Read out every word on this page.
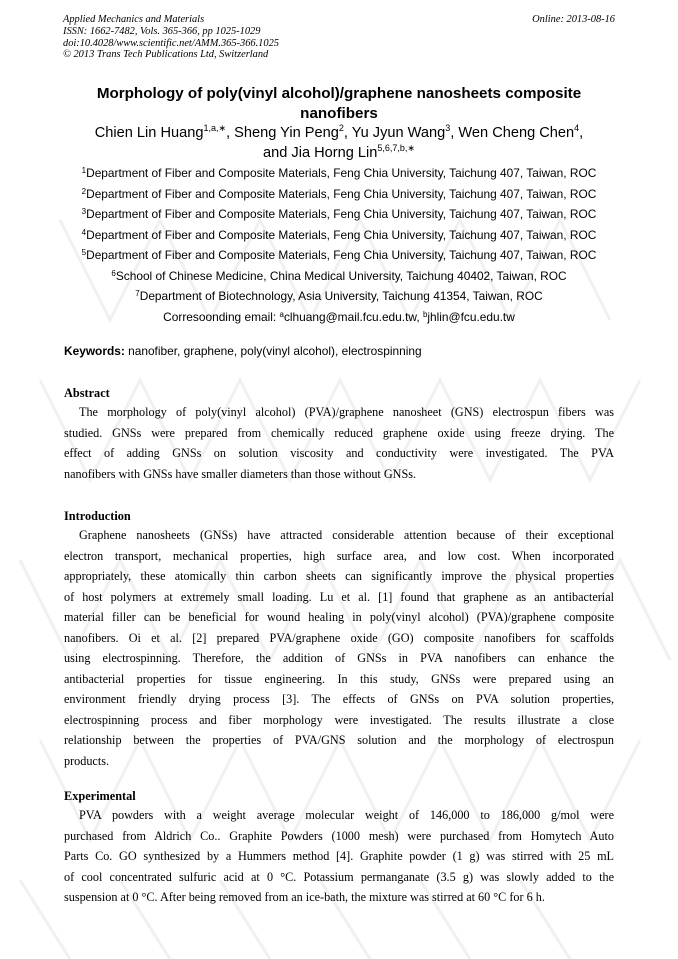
Applied Mechanics and Materials
ISSN: 1662-7482, Vols. 365-366, pp 1025-1029
doi:10.4028/www.scientific.net/AMM.365-366.1025
© 2013 Trans Tech Publications Ltd, Switzerland
Online: 2013-08-16
Morphology of poly(vinyl alcohol)/graphene nanosheets composite
nanofibers
Chien Lin Huang$^{1,a,∗}$, Sheng Yin Peng$^2$, Yu Jyun Wang$^3$, Wen Cheng Chen$^4$,
and Jia Horng Lin$^{5,6,7,b,∗}$
$^1$Department of Fiber and Composite Materials, Feng Chia University, Taichung 407, Taiwan, ROC
$^2$Department of Fiber and Composite Materials, Feng Chia University, Taichung 407, Taiwan, ROC
$^3$Department of Fiber and Composite Materials, Feng Chia University, Taichung 407, Taiwan, ROC
$^4$Department of Fiber and Composite Materials, Feng Chia University, Taichung 407, Taiwan, ROC
$^5$Department of Fiber and Composite Materials, Feng Chia University, Taichung 407, Taiwan, ROC
$^6$School of Chinese Medicine, China Medical University, Taichung 40402, Taiwan, ROC
$^7$Department of Biotechnology, Asia University, Taichung 41354, Taiwan, ROC
Corresoonding email: $^a$clhuang@mail.fcu.edu.tw, $^b$jhlin@fcu.edu.tw
Keywords: nanofiber, graphene, poly(vinyl alcohol), electrospinning
Abstract
The morphology of poly(vinyl alcohol) (PVA)/graphene nanosheet (GNS) electrospun fibers was
studied. GNSs were prepared from chemically reduced graphene oxide using freeze drying. The
effect of adding GNSs on solution viscosity and conductivity were investigated. The PVA
nanofibers with GNSs have smaller diameters than those without GNSs.
Introduction
Graphene nanosheets (GNSs) have attracted considerable attention because of their exceptional
electron transport, mechanical properties, high surface area, and low cost. When incorporated
appropriately, these atomically thin carbon sheets can significantly improve the physical properties
of host polymers at extremely small loading. Lu et al. [1] found that graphene as an antibacterial
material filler can be beneficial for wound healing in poly(vinyl alcohol) (PVA)/graphene composite
nanofibers. Oi et al. [2] prepared PVA/graphene oxide (GO) composite nanofibers for scaffolds
using electrospinning. Therefore, the addition of GNSs in PVA nanofibers can enhance the
antibacterial properties for tissue engineering. In this study, GNSs were prepared using an
environment friendly drying process [3]. The effects of GNSs on PVA solution properties,
electrospinning process and fiber morphology were investigated. The results illustrate a close
relationship between the properties of PVA/GNS solution and the morphology of electrospun
products.
Experimental
PVA powders with a weight average molecular weight of 146,000 to 186,000 g/mol were
purchased from Aldrich Co.. Graphite Powders (1000 mesh) were purchased from Homytech Auto
Parts Co. GO synthesized by a Hummers method [4]. Graphite powder (1 g) was stirred with 25 mL
of cool concentrated sulfuric acid at 0 °C. Potassium permanganate (3.5 g) was slowly added to the
suspension at 0 °C. After being removed from an ice-bath, the mixture was stirred at 60 °C for 6 h.
